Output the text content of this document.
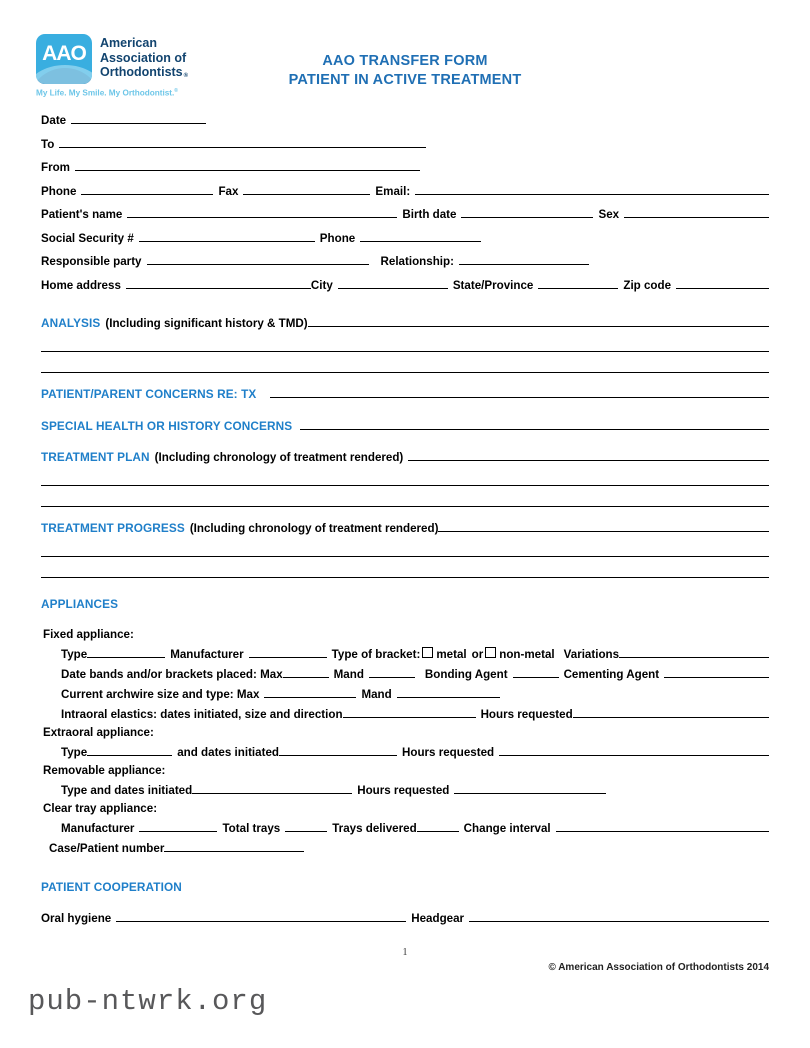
AAO	American
Association of
Orthodontists®
My Life. My Smile. My Orthodontist.®
AAO TRANSFER FORM
PATIENT IN ACTIVE TREATMENT
Date
To
From
Phone	Fax	Email:
Patient's name	Birth date	Sex
Social Security #	Phone
Responsible party	Relationship:
Home address	City	State/Province	Zip code
ANALYSIS (Including significant history & TMD)
PATIENT/PARENT CONCERNS RE: TX
SPECIAL HEALTH OR HISTORY CONCERNS
TREATMENT PLAN (Including chronology of treatment rendered)
TREATMENT PROGRESS (Including chronology of treatment rendered)
APPLIANCES
Fixed appliance:
Type	Manufacturer	Type of bracket: metal or non-metal Variations
Date bands and/or brackets placed: Max	Mand	Bonding Agent	Cementing Agent
Current archwire size and type: Max	Mand
Intraoral elastics: dates initiated, size and direction	Hours requested
Extraoral appliance:
Type	and dates initiated	Hours requested
Removable appliance:
Type and dates initiated	Hours requested
Clear tray appliance:
Manufacturer	Total trays	Trays delivered	Change interval
Case/Patient number
PATIENT COOPERATION
Oral hygiene	Headgear
1
© American Association of Orthodontists 2014
pub-ntwrk.org
